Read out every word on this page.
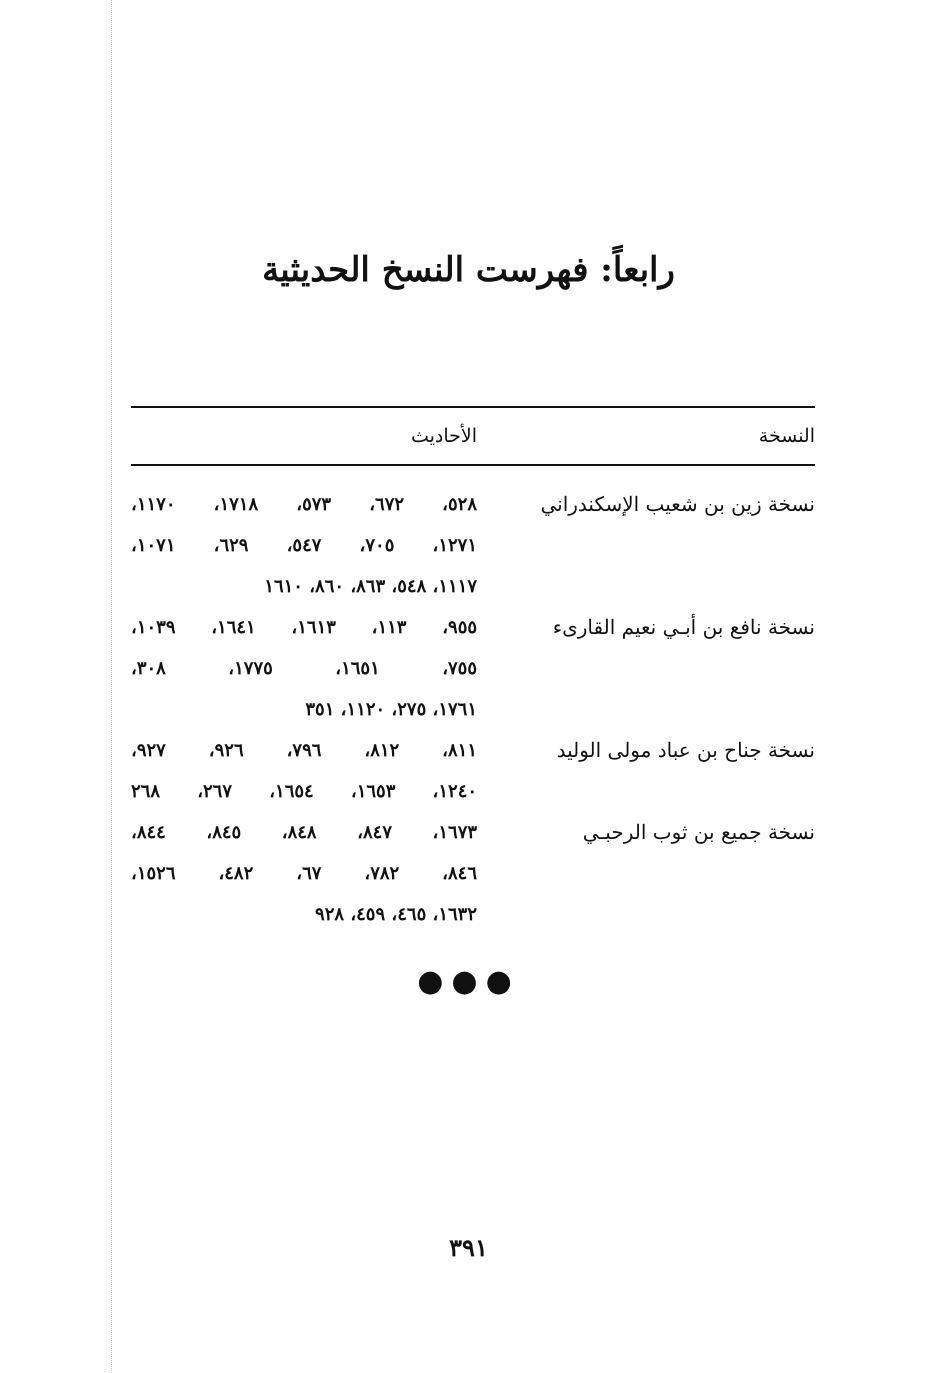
رابعاً: فهرست النسخ الحديثية
النسخة
الأحاديث
نسخة زين بن شعيب الإسكندراني
٥٢٨، ٦٧٢، ٥٧٣، ١٧١٨، ١١٧٠،
١٢٧١، ٧٠٥، ٥٤٧، ٦٢٩، ١٠٧١،
١١١٧، ٥٤٨، ٨٦٣، ٨٦٠، ١٦١٠
نسخة نافع بن أبـي نعيم القارىء
٩٥٥، ١١٣، ١٦١٣، ١٦٤١، ١٠٣٩،
٧٥٥، ١٦٥١، ١٧٧٥، ٣٠٨،
١٧٦١، ٢٧٥، ١١٢٠، ٣٥١
نسخة جناح بن عباد مولى الوليد
٨١١، ٨١٢، ٧٩٦، ٩٢٦، ٩٢٧،
١٢٤٠، ١٦٥٣، ١٦٥٤، ٢٦٧، ٢٦٨
نسخة جميع بن ثوب الرحبـي
١٦٧٣، ٨٤٧، ٨٤٨، ٨٤٥، ٨٤٤،
٨٤٦، ٧٨٢، ٦٧، ٤٨٢، ١٥٢٦،
١٦٣٢، ٤٦٥، ٤٥٩، ٩٢٨
●●●
٣٩١
